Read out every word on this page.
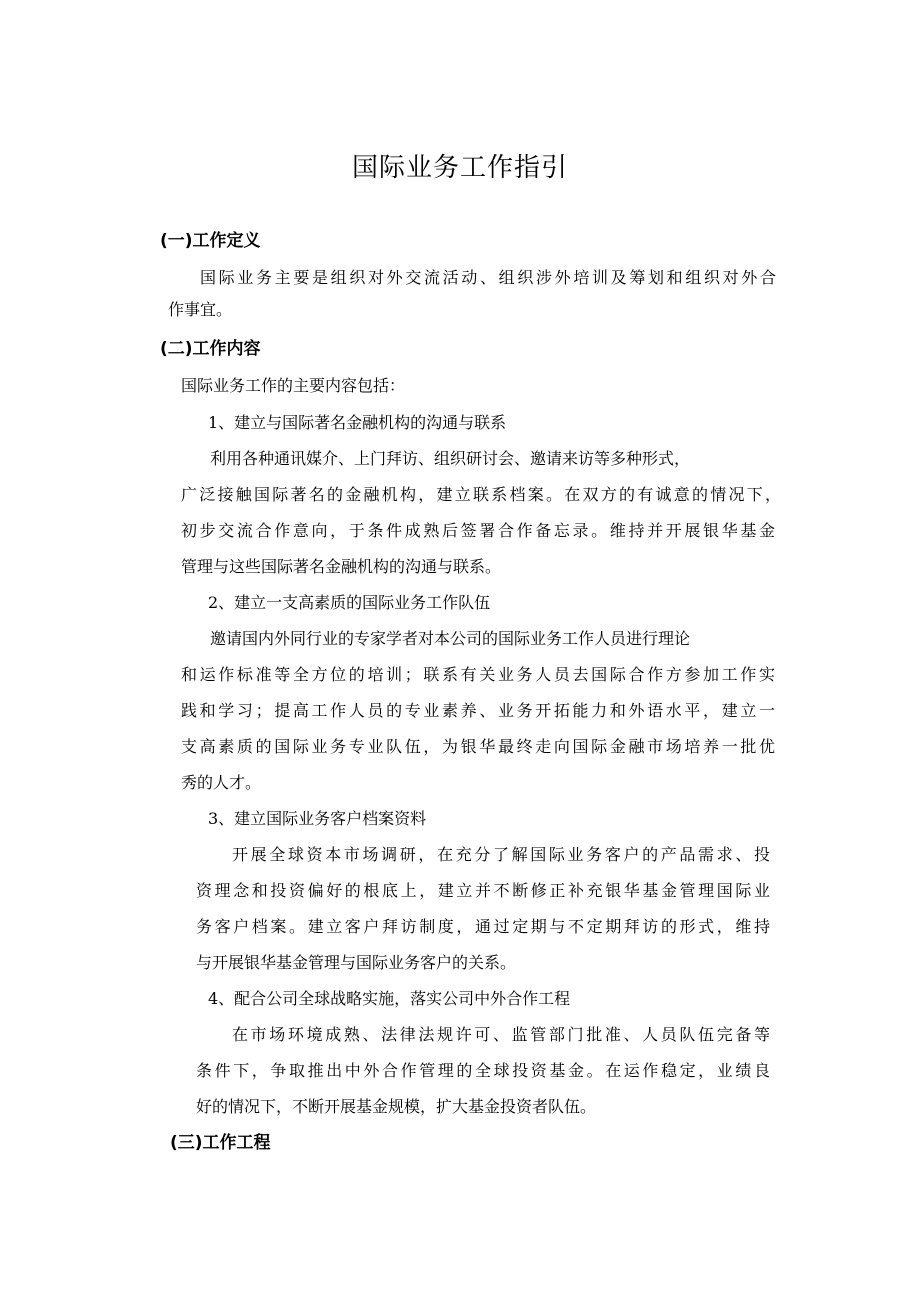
国际业务工作指引
(一)工作定义
国际业务主要是组织对外交流活动、组织涉外培训及筹划和组织对外合
作事宜。
(二)工作内容
国际业务工作的主要内容包括：
1、建立与国际著名金融机构的沟通与联系
利用各种通讯媒介、上门拜访、组织研讨会、邀请来访等多种形式，
广泛接触国际著名的金融机构，建立联系档案。在双方的有诚意的情况下，
初步交流合作意向，于条件成熟后签署合作备忘录。维持并开展银华基金
管理与这些国际著名金融机构的沟通与联系。
2、建立一支高素质的国际业务工作队伍
邀请国内外同行业的专家学者对本公司的国际业务工作人员进行理论
和运作标准等全方位的培训；联系有关业务人员去国际合作方参加工作实
践和学习；提高工作人员的专业素养、业务开拓能力和外语水平，建立一
支高素质的国际业务专业队伍，为银华最终走向国际金融市场培养一批优
秀的人才。
3、建立国际业务客户档案资料
开展全球资本市场调研，在充分了解国际业务客户的产品需求、投
资理念和投资偏好的根底上，建立并不断修正补充银华基金管理国际业
务客户档案。建立客户拜访制度，通过定期与不定期拜访的形式，维持
与开展银华基金管理与国际业务客户的关系。
4、配合公司全球战略实施，落实公司中外合作工程
在市场环境成熟、法律法规许可、监管部门批准、人员队伍完备等
条件下，争取推出中外合作管理的全球投资基金。在运作稳定，业绩良
好的情况下，不断开展基金规模，扩大基金投资者队伍。
(三)工作工程
